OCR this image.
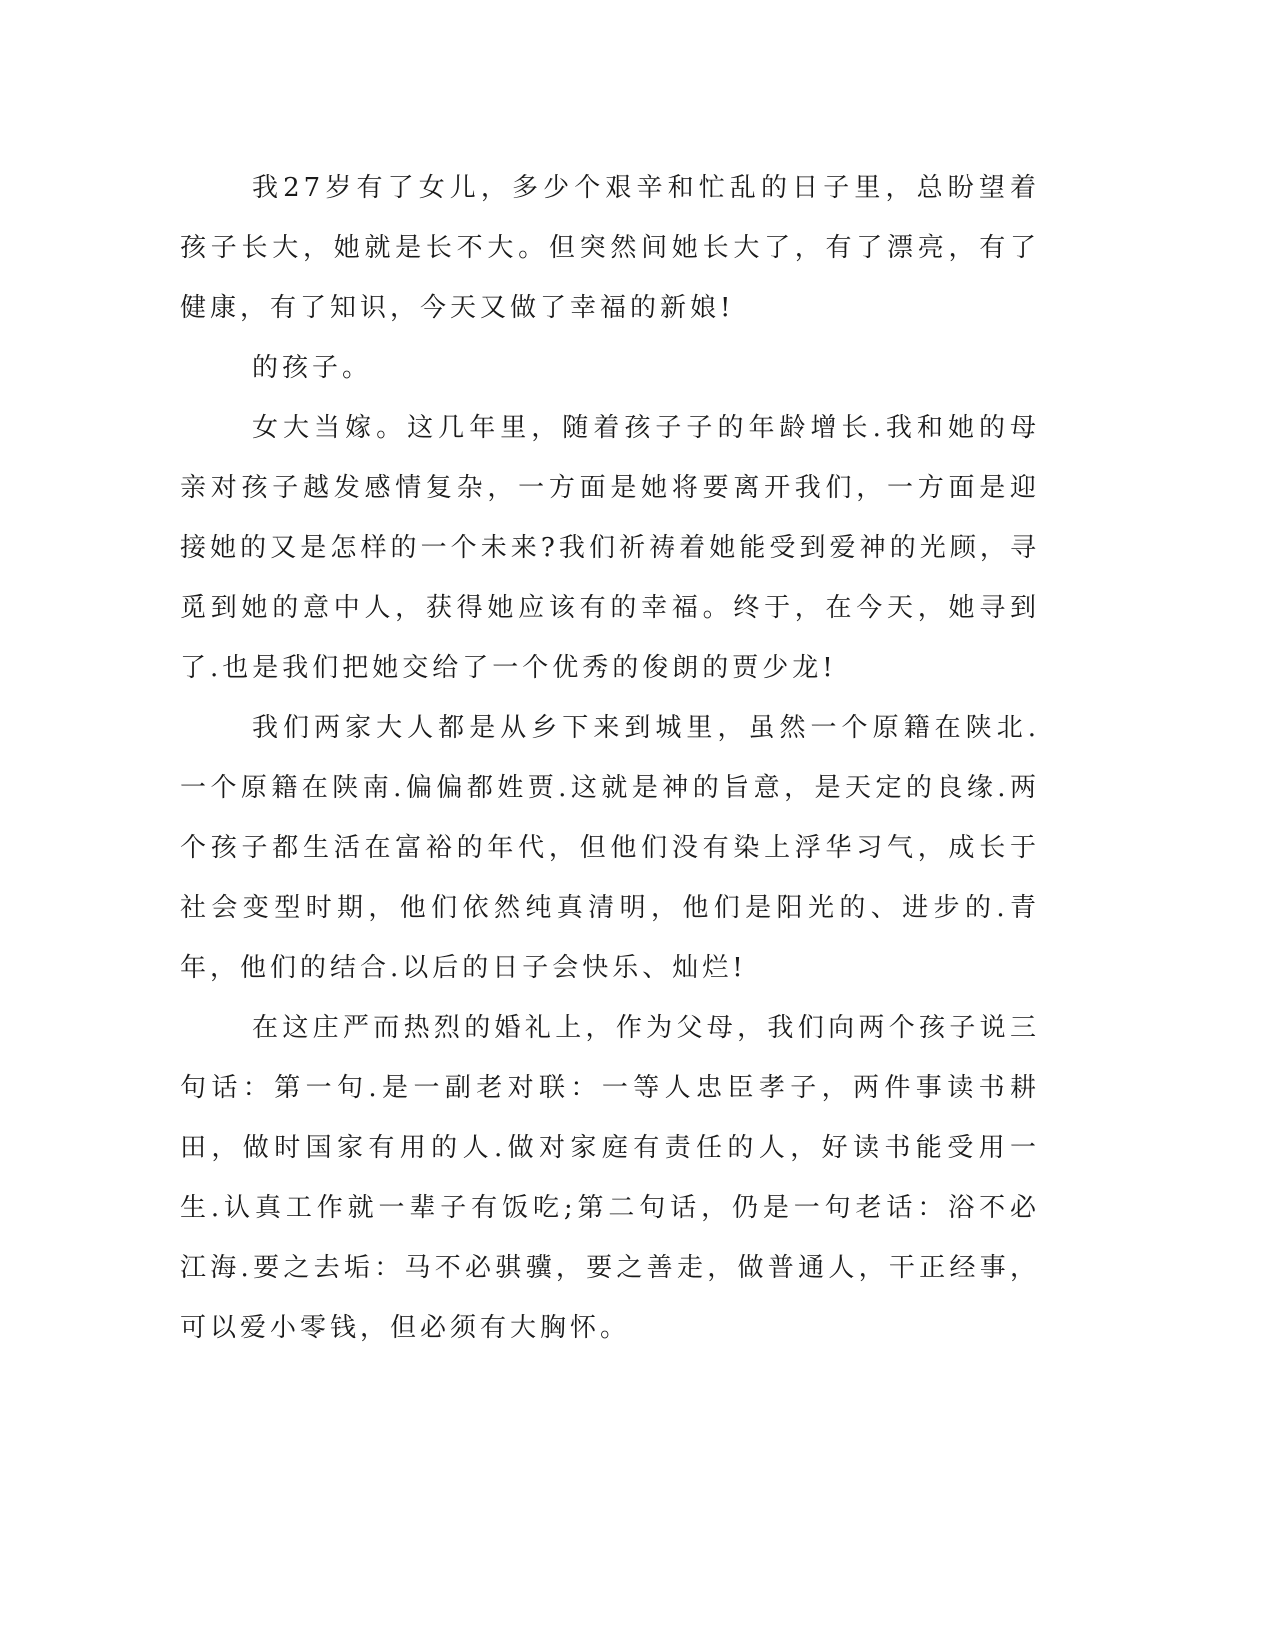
我27岁有了女儿，多少个艰辛和忙乱的日子里，总盼望着孩子长大，她就是长不大。但突然间她长大了，有了漂亮，有了健康，有了知识，今天又做了幸福的新娘!

的孩子。

女大当嫁。这几年里，随着孩子子的年龄增长.我和她的母亲对孩子越发感情复杂，一方面是她将要离开我们，一方面是迎接她的又是怎样的一个未来?我们祈祷着她能受到爱神的光顾，寻觅到她的意中人，获得她应该有的幸福。终于，在今天，她寻到了.也是我们把她交给了一个优秀的俊朗的贾少龙!

我们两家大人都是从乡下来到城里，虽然一个原籍在陕北.一个原籍在陕南.偏偏都姓贾.这就是神的旨意，是天定的良缘.两个孩子都生活在富裕的年代，但他们没有染上浮华习气，成长于社会变型时期，他们依然纯真清明，他们是阳光的、进步的.青年，他们的结合.以后的日子会快乐、灿烂!

在这庄严而热烈的婚礼上，作为父母，我们向两个孩子说三句话：第一句.是一副老对联：一等人忠臣孝子，两件事读书耕田，做时国家有用的人.做对家庭有责任的人，好读书能受用一生.认真工作就一辈子有饭吃;第二句话，仍是一句老话：浴不必江海.要之去垢：马不必骐骥，要之善走，做普通人，干正经事，可以爱小零钱，但必须有大胸怀。
